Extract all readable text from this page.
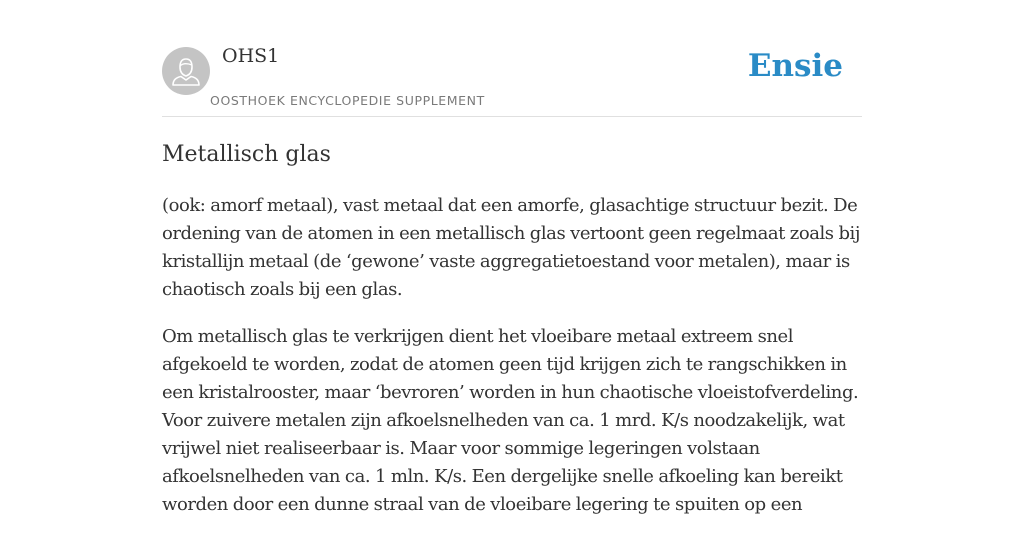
OHS1
OOSTHOEK ENCYCLOPEDIE SUPPLEMENT
Ensie
Metallisch glas

(ook: amorf metaal), vast metaal dat een amorfe, glasachtige structuur bezit. De ordening van de atomen in een metallisch glas vertoont geen regelmaat zoals bij kristallijn metaal (de ‘gewone’ vaste aggregatietoestand voor metalen), maar is chaotisch zoals bij een glas.

Om metallisch glas te verkrijgen dient het vloeibare metaal extreem snel afgekoeld te worden, zodat de atomen geen tijd krijgen zich te rangschikken in een kristalrooster, maar ‘bevroren’ worden in hun chaotische vloeistofverdeling. Voor zuivere metalen zijn afkoelsnelheden van ca. 1 mrd. K/s noodzakelijk, wat vrijwel niet realiseerbaar is. Maar voor sommige legeringen volstaan afkoelsnelheden van ca. 1 mln. K/s. Een dergelijke snelle afkoeling kan bereikt worden door een dunne straal van de vloeibare legering te spuiten op een
